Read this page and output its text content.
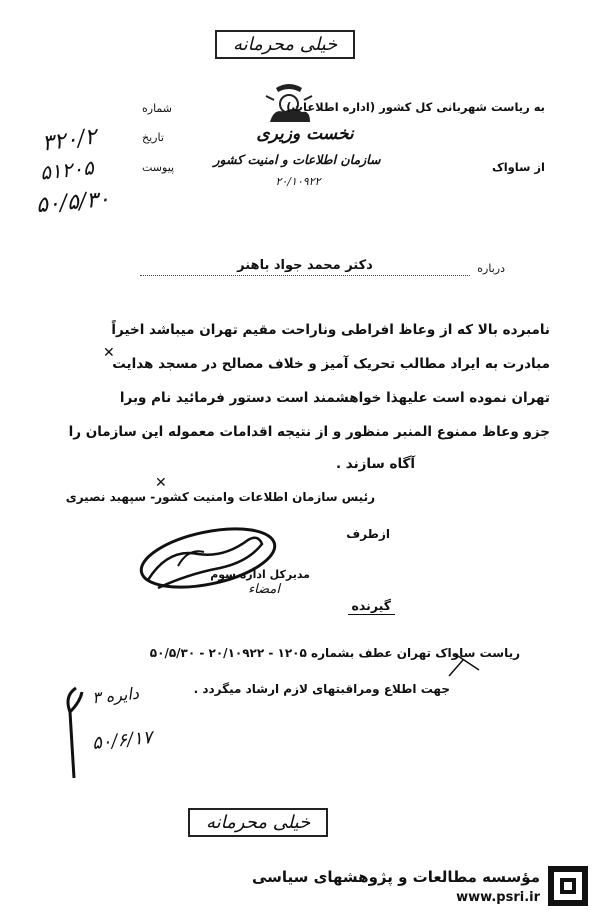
خیلی محرمانه
نخست وزیری
سازمان اطلاعات و امنیت کشور
۲۰/۱۰۹۲۲
به ریاست شهربانی کل کشور (اداره اطلاعات)
از ساواک
شماره
تاریخ
پیوست
۳۲۰/۲
۵۱۲۰۵
۵۰/۵/۳۰
درباره
دکتر محمد جواد باهنر
نامبرده بالا که از وعاظ افراطی وناراحت مقیم تهران میباشد اخیراً
مبادرت به ایراد مطالب تحریک آمیز و خلاف مصالح در مسجد هدایت
تهران نموده است علیهذا خواهشمند است دستور فرمائید نام وبرا
جزو وعاظ ممنوع المنبر منظور و از نتیجه اقدامات معموله این سازمان را
آگاه سازند .
✕
✕
رئیس سازمان اطلاعات وامنیت کشور- سپهبد نصیری
ازطرف
مدیرکل اداره سوم
امضاء
گیرنده
ریاست ساواک تهران عطف بشماره ۱۲۰۵ - ۲۰/۱۰۹۲۲ - ۵۰/۵/۳۰
جهت اطلاع ومراقبتهای لازم ارشاد میگردد .
دایره ۳
۵۰/۶/۱۷
خیلی محرمانه
مؤسسه مطالعات و پژوهشهای سیاسی
www.psri.ir
